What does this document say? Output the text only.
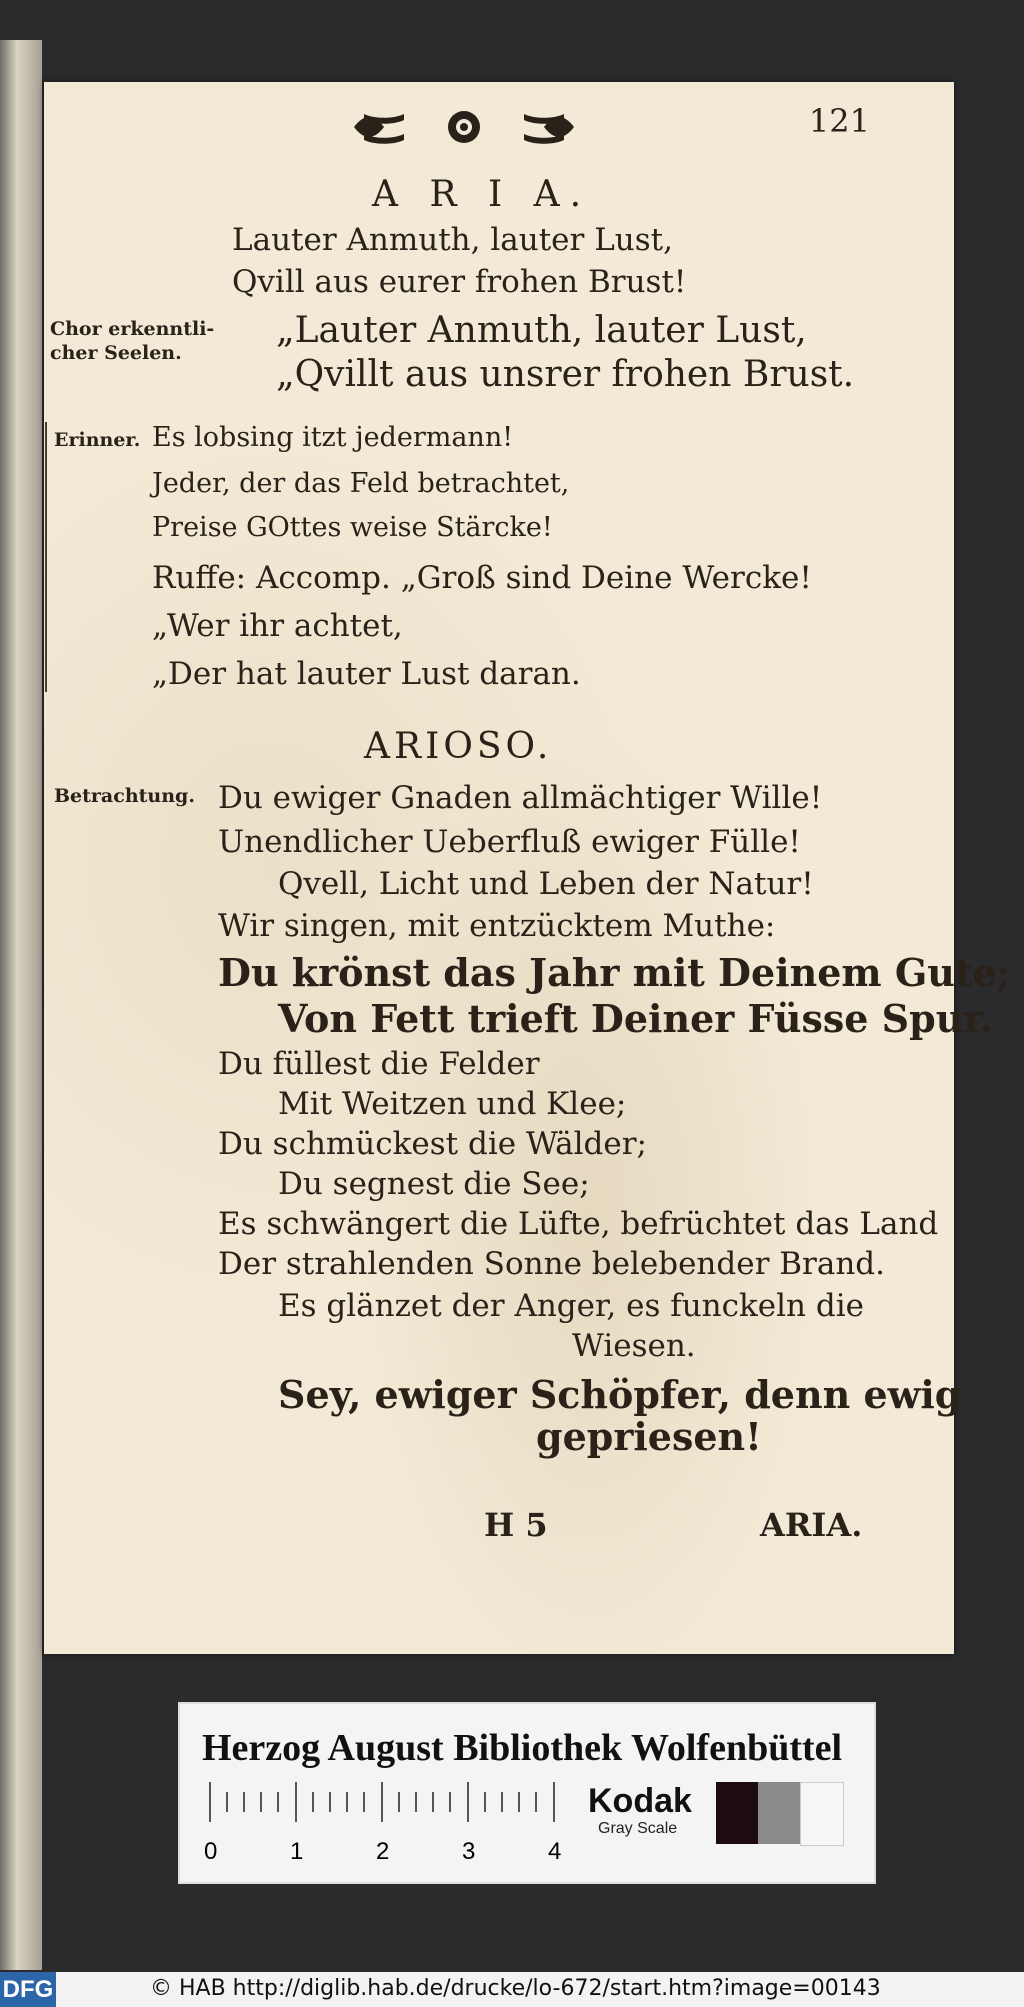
121
A R I A.
Lauter Anmuth, lauter Lust,
Qvill aus eurer frohen Brust!
Chor erkenntli-
cher Seelen.
„Lauter Anmuth, lauter Lust,
„Qvillt aus unsrer frohen Brust.
Erinner. Es lobsing itzt jedermann!
Jeder, der das Feld betrachtet,
Preise GOttes weise Stärcke!
Ruffe: Accomp. „Groß sind Deine Wercke!
„Wer ihr achtet,
„Der hat lauter Lust daran.
ARIOSO.
Betrachtung. Du ewiger Gnaden allmächtiger Wille!
Unendlicher Ueberfluß ewiger Fülle!
Qvell, Licht und Leben der Natur!
Wir singen, mit entzücktem Muthe:
Du krönst das Jahr mit Deinem Gute;
Von Fett trieft Deiner Füsse Spur.
Du füllest die Felder
Mit Weitzen und Klee;
Du schmückest die Wälder;
Du segnest die See;
Es schwängert die Lüfte, befrüchtet das Land
Der strahlenden Sonne belebender Brand.
Es glänzet der Anger, es funckeln die
Wiesen.
Sey, ewiger Schöpfer, denn ewig
gepriesen!
H 5	ARIA.
Herzog August Bibliothek Wolfenbüttel
0	1	2	3	4
Kodak
Gray Scale
DFG	© HAB http://diglib.hab.de/drucke/lo-672/start.htm?image=00143
